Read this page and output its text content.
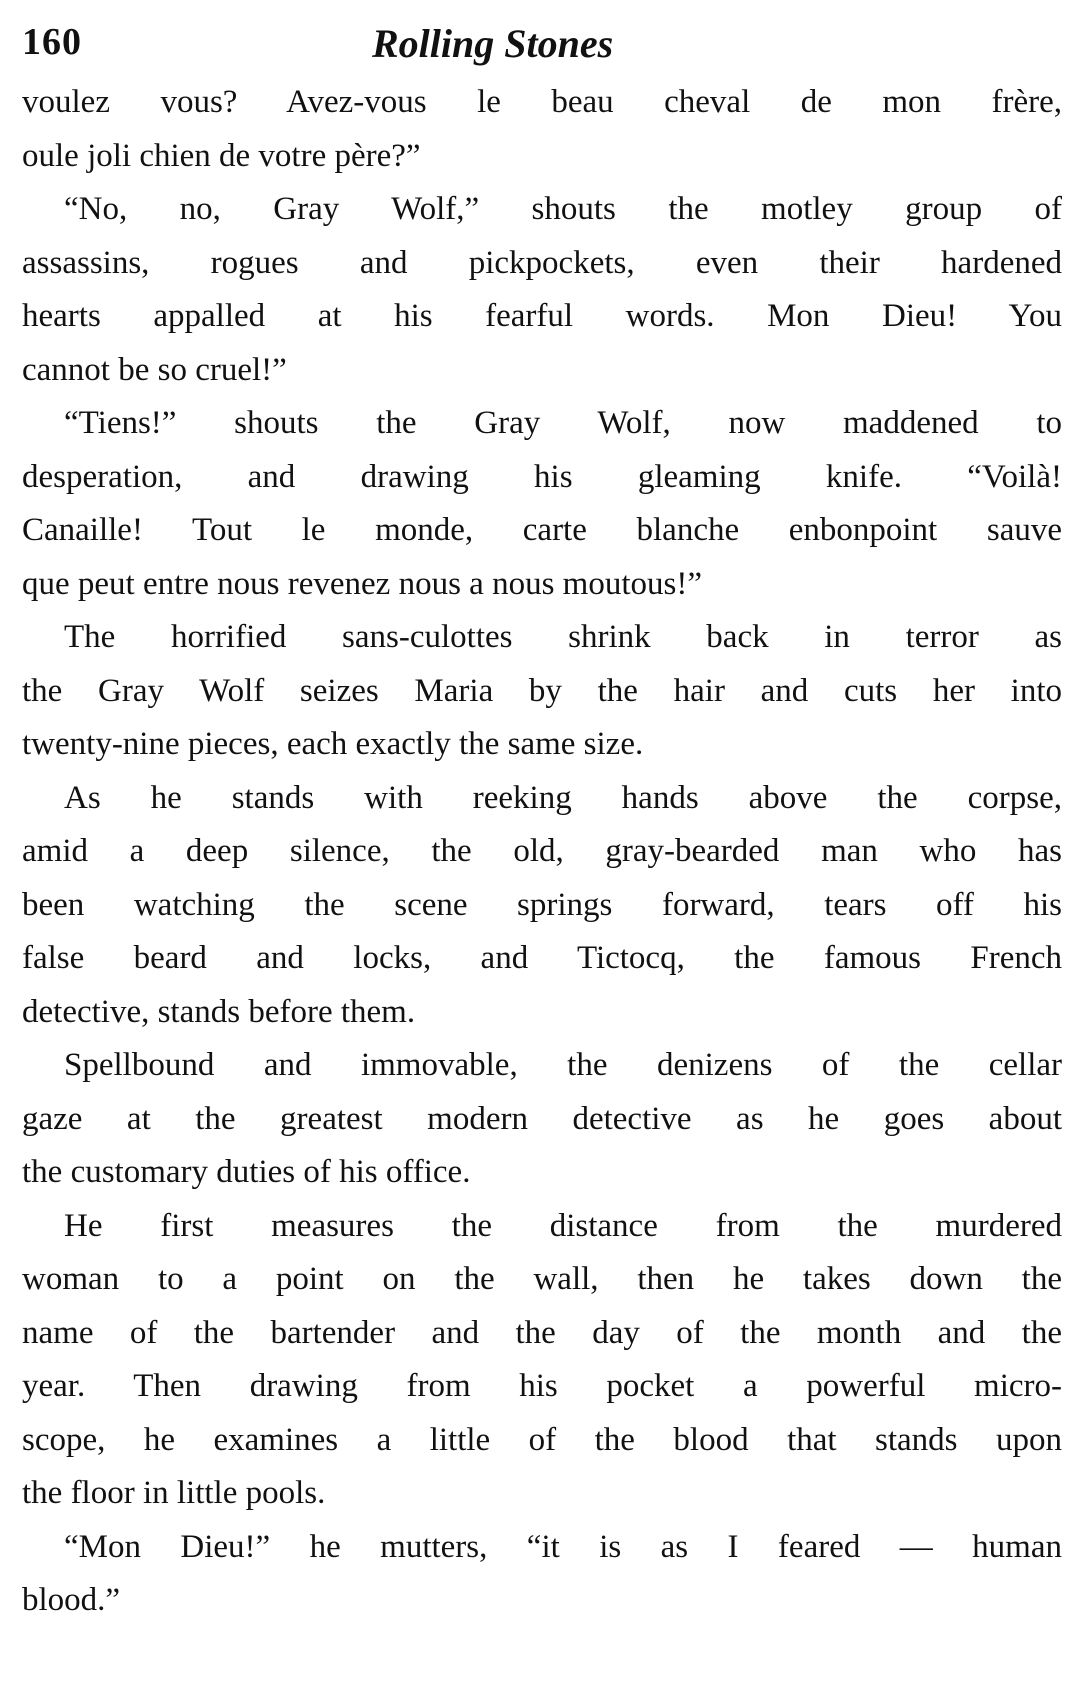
160	Rolling Stones

voulez vous? Avez-vous le beau cheval de mon frère,

oule joli chien de votre père?”

“No, no, Gray Wolf,” shouts the motley group of

assassins, rogues and pickpockets, even their hardened

hearts appalled at his fearful words. Mon Dieu! You

cannot be so cruel!”

“Tiens!” shouts the Gray Wolf, now maddened to

desperation, and drawing his gleaming knife. “Voilà!

Canaille! Tout le monde, carte blanche enbonpoint sauve

que peut entre nous revenez nous a nous moutous!”

The horrified sans-culottes shrink back in terror as

the Gray Wolf seizes Maria by the hair and cuts her into

twenty-nine pieces, each exactly the same size.

As he stands with reeking hands above the corpse,

amid a deep silence, the old, gray-bearded man who has

been watching the scene springs forward, tears off his

false beard and locks, and Tictocq, the famous French

detective, stands before them.

Spellbound and immovable, the denizens of the cellar

gaze at the greatest modern detective as he goes about

the customary duties of his office.

He first measures the distance from the murdered

woman to a point on the wall, then he takes down the

name of the bartender and the day of the month and the

year. Then drawing from his pocket a powerful micro-

scope, he examines a little of the blood that stands upon

the floor in little pools.

“Mon Dieu!” he mutters, “it is as I feared — human

blood.”
